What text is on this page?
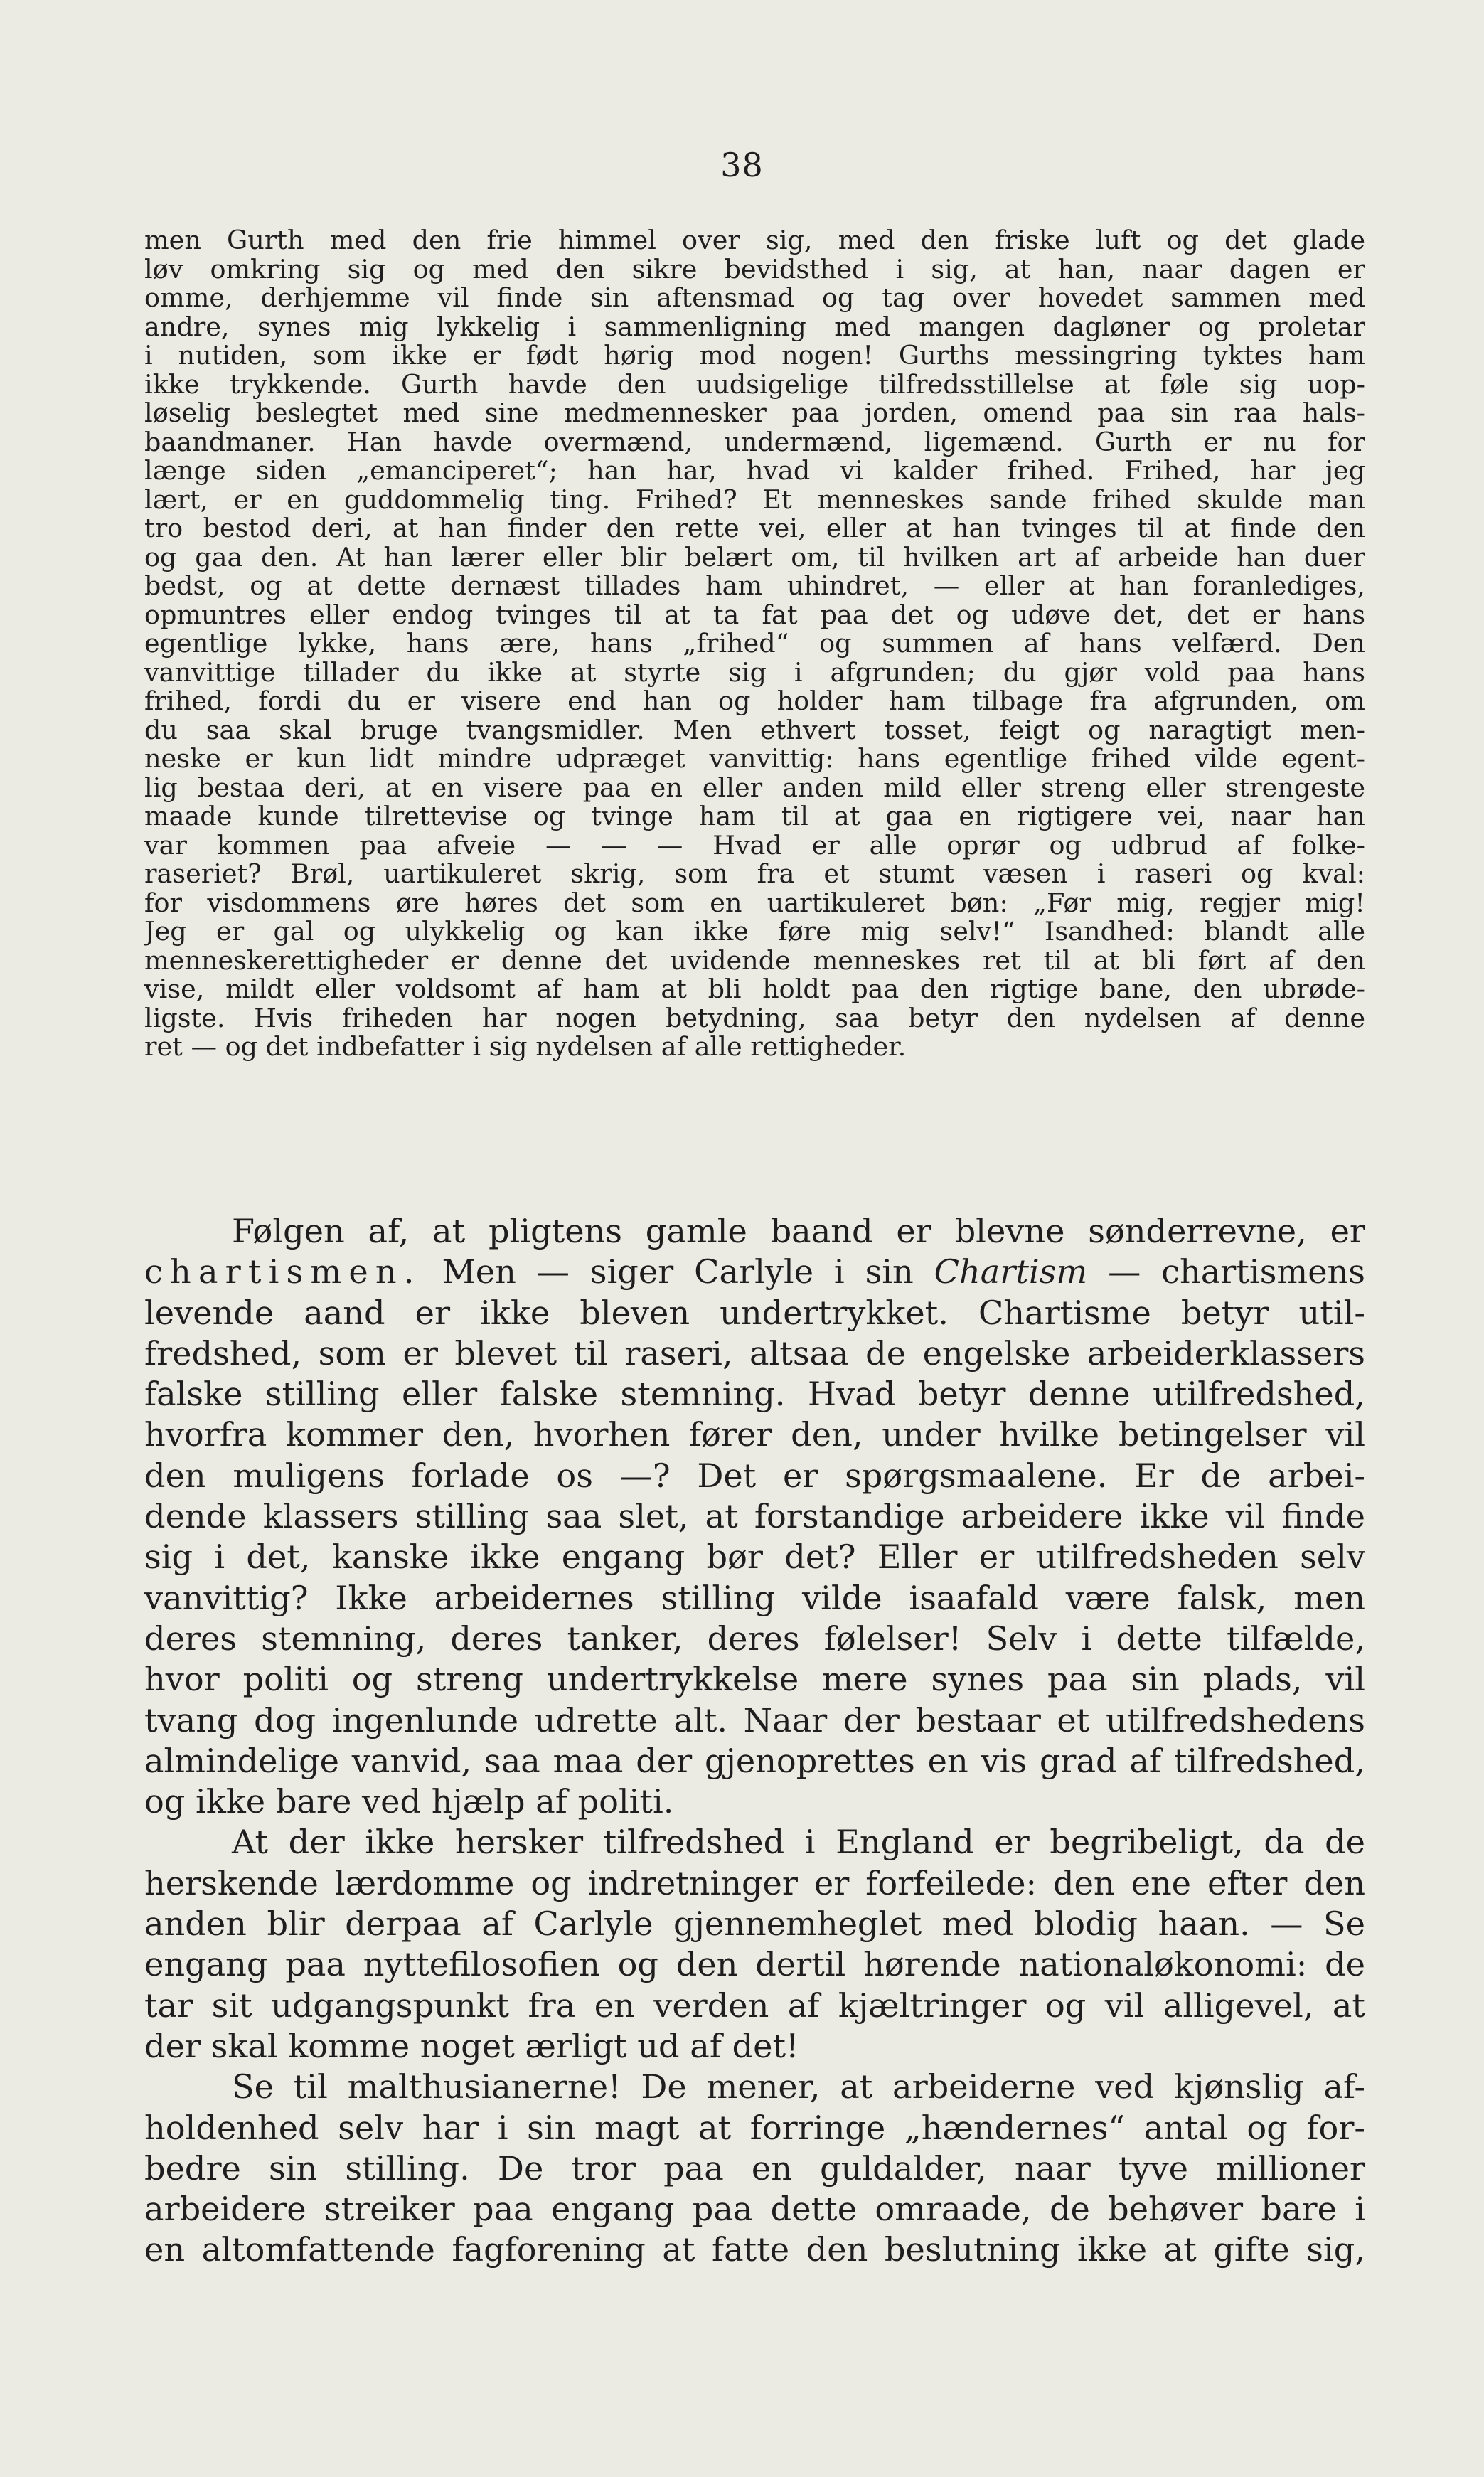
38
men Gurth med den frie himmel over sig, med den friske luft og det glade
løv omkring sig og med den sikre bevidsthed i sig, at han, naar dagen er
omme, derhjemme vil finde sin aftensmad og tag over hovedet sammen med
andre, synes mig lykkelig i sammenligning med mangen dagløner og proletar
i nutiden, som ikke er født hørig mod nogen! Gurths messingring tyktes ham
ikke trykkende. Gurth havde den uudsigelige tilfredsstillelse at føle sig uop-
løselig beslegtet med sine medmennesker paa jorden, omend paa sin raa hals-
baandmaner. Han havde overmænd, undermænd, ligemænd. Gurth er nu for
længe siden „emanciperet“; han har, hvad vi kalder frihed. Frihed, har jeg
lært, er en guddommelig ting. Frihed? Et menneskes sande frihed skulde man
tro bestod deri, at han finder den rette vei, eller at han tvinges til at finde den
og gaa den. At han lærer eller blir belært om, til hvilken art af arbeide han duer
bedst, og at dette dernæst tillades ham uhindret, — eller at han foranlediges,
opmuntres eller endog tvinges til at ta fat paa det og udøve det, det er hans
egentlige lykke, hans ære, hans „frihed“ og summen af hans velfærd. Den
vanvittige tillader du ikke at styrte sig i afgrunden; du gjør vold paa hans
frihed, fordi du er visere end han og holder ham tilbage fra afgrunden, om
du saa skal bruge tvangsmidler. Men ethvert tosset, feigt og naragtigt men-
neske er kun lidt mindre udpræget vanvittig: hans egentlige frihed vilde egent-
lig bestaa deri, at en visere paa en eller anden mild eller streng eller strengeste
maade kunde tilrettevise og tvinge ham til at gaa en rigtigere vei, naar han
var kommen paa afveie — — — Hvad er alle oprør og udbrud af folke-
raseriet? Brøl, uartikuleret skrig, som fra et stumt væsen i raseri og kval:
for visdommens øre høres det som en uartikuleret bøn: „Før mig, regjer mig!
Jeg er gal og ulykkelig og kan ikke føre mig selv!“ Isandhed: blandt alle
menneskerettigheder er denne det uvidende menneskes ret til at bli ført af den
vise, mildt eller voldsomt af ham at bli holdt paa den rigtige bane, den ubrøde-
ligste. Hvis friheden har nogen betydning, saa betyr den nydelsen af denne
ret — og det indbefatter i sig nydelsen af alle rettigheder.
Følgen af, at pligtens gamle baand er blevne sønderrevne, er
chartismen. Men — siger Carlyle i sin Chartism — chartismens
levende aand er ikke bleven undertrykket. Chartisme betyr util-
fredshed, som er blevet til raseri, altsaa de engelske arbeiderklassers
falske stilling eller falske stemning. Hvad betyr denne utilfredshed,
hvorfra kommer den, hvorhen fører den, under hvilke betingelser vil
den muligens forlade os —? Det er spørgsmaalene. Er de arbei-
dende klassers stilling saa slet, at forstandige arbeidere ikke vil finde
sig i det, kanske ikke engang bør det? Eller er utilfredsheden selv
vanvittig? Ikke arbeidernes stilling vilde isaafald være falsk, men
deres stemning, deres tanker, deres følelser! Selv i dette tilfælde,
hvor politi og streng undertrykkelse mere synes paa sin plads, vil
tvang dog ingenlunde udrette alt. Naar der bestaar et utilfredshedens
almindelige vanvid, saa maa der gjenoprettes en vis grad af tilfredshed,
og ikke bare ved hjælp af politi.
At der ikke hersker tilfredshed i England er begribeligt, da de
herskende lærdomme og indretninger er forfeilede: den ene efter den
anden blir derpaa af Carlyle gjennemheglet med blodig haan. — Se
engang paa nyttefilosofien og den dertil hørende nationaløkonomi: de
tar sit udgangspunkt fra en verden af kjæltringer og vil alligevel, at
der skal komme noget ærligt ud af det!
Se til malthusianerne! De mener, at arbeiderne ved kjønslig af-
holdenhed selv har i sin magt at forringe „hændernes“ antal og for-
bedre sin stilling. De tror paa en guldalder, naar tyve millioner
arbeidere streiker paa engang paa dette omraade, de behøver bare i
en altomfattende fagforening at fatte den beslutning ikke at gifte sig,
